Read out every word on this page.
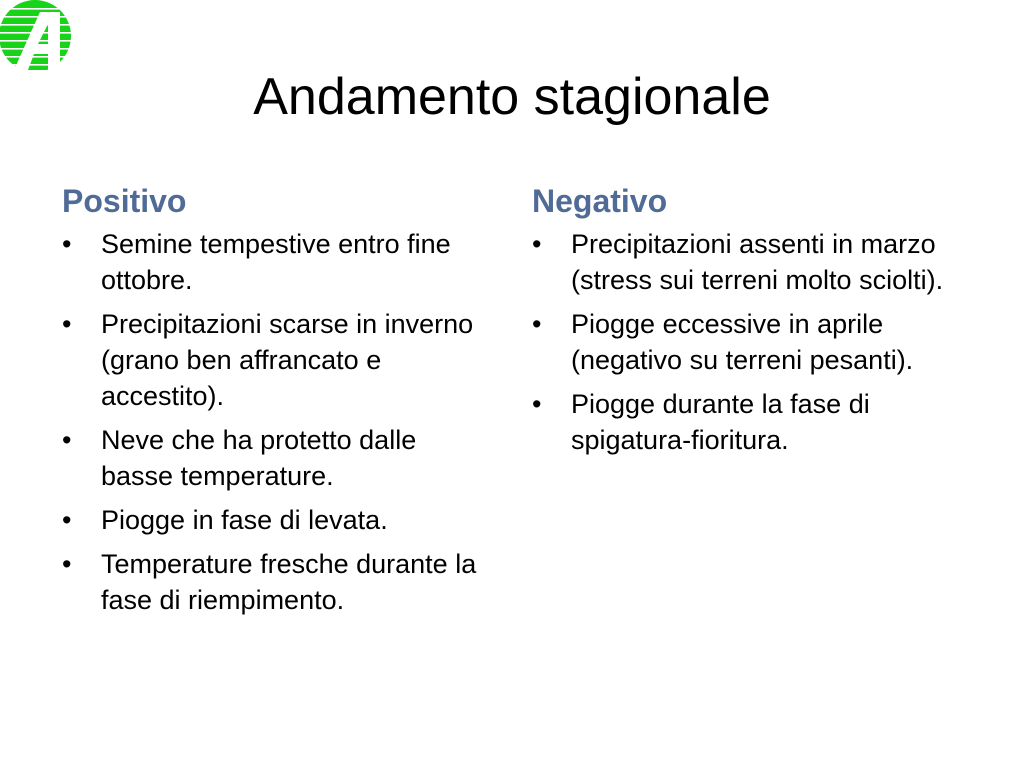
Andamento stagionale
Positivo
•	Semine tempestive entro fine ottobre.
•	Precipitazioni scarse in inverno (grano ben affrancato e accestito).
•	Neve che ha protetto dalle basse temperature.
•	Piogge in fase di levata.
•	Temperature fresche durante la fase di riempimento.
Negativo
•	Precipitazioni assenti in marzo (stress sui terreni molto sciolti).
•	Piogge eccessive in aprile (negativo su terreni pesanti).
•	Piogge durante la fase di spigatura-fioritura.
